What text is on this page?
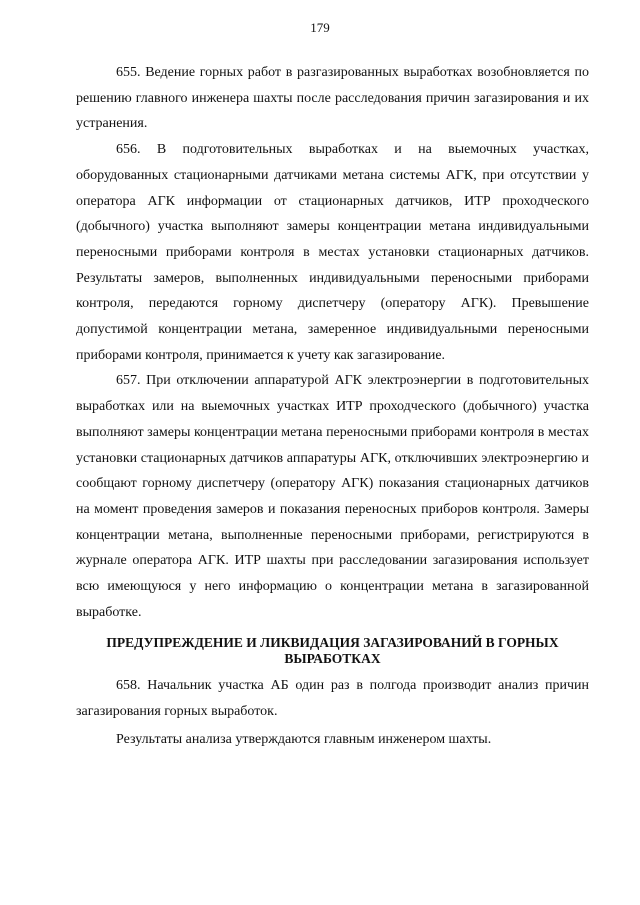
179

655. Ведение горных работ в разгазированных выработках возобновляется по решению главного инженера шахты после расследования причин загазирования и их устранения.

656. В подготовительных выработках и на выемочных участках, оборудованных стационарными датчиками метана системы АГК, при отсутствии у оператора АГК информации от стационарных датчиков, ИТР проходческого (добычного) участка выполняют замеры концентрации метана индивидуальными переносными приборами контроля в местах установки стационарных датчиков. Результаты замеров, выполненных индивидуальными переносными приборами контроля, передаются горному диспетчеру (оператору АГК). Превышение допустимой концентрации метана, замеренное индивидуальными переносными приборами контроля, принимается к учету как загазирование.

657. При отключении аппаратурой АГК электроэнергии в подготовительных выработках или на выемочных участках ИТР проходческого (добычного) участка выполняют замеры концентрации метана переносными приборами контроля в местах установки стационарных датчиков аппаратуры АГК, отключивших электроэнергию и сообщают горному диспетчеру (оператору АГК) показания стационарных датчиков на момент проведения замеров и показания переносных приборов контроля. Замеры концентрации метана, выполненные переносными приборами, регистрируются в журнале оператора АГК. ИТР шахты при расследовании загазирования использует всю имеющуюся у него информацию о концентрации метана в загазированной выработке.

ПРЕДУПРЕЖДЕНИЕ И ЛИКВИДАЦИЯ ЗАГАЗИРОВАНИЙ В ГОРНЫХ ВЫРАБОТКАХ

658. Начальник участка АБ один раз в полгода производит анализ причин загазирования горных выработок.

Результаты анализа утверждаются главным инженером шахты.
